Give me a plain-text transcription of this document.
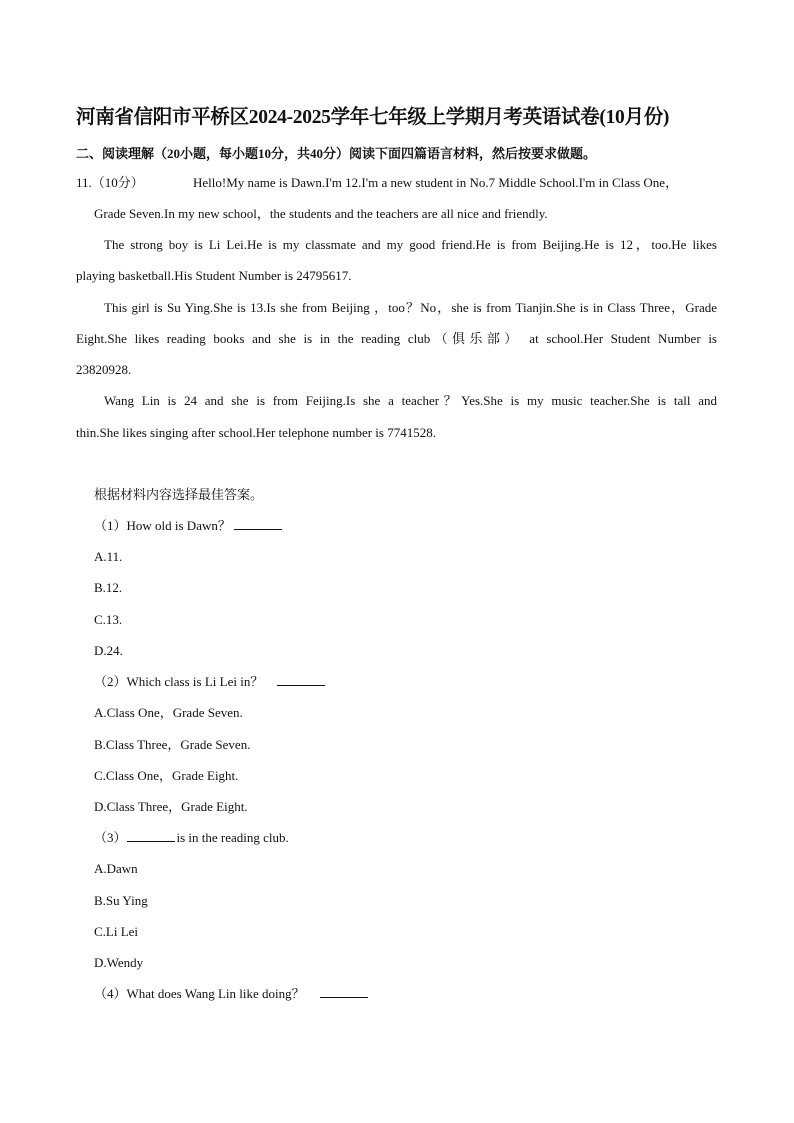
河南省信阳市平桥区2024-2025学年七年级上学期月考英语试卷(10月份)
二、阅读理解（20小题，每小题10分，共40分）阅读下面四篇语言材料，然后按要求做题。
11.（10分）	Hello!My name is Dawn.I'm 12.I'm a new student in No.7 Middle School.I'm in Class One，
Grade Seven.In my new school，the students and the teachers are all nice and friendly.
The strong boy is Li Lei.He is my classmate and my good friend.He is from Beijing.He is 12，too.He likes
playing basketball.His Student Number is 24795617.
This girl is Su Ying.She is 13.Is she from Beijing ，too？No，she is from Tianjin.She is in Class Three，Grade
Eight.She likes reading books and she is in the reading club（俱乐部） at school.Her Student Number is
23820928.
Wang Lin is 24 and she is from Feijing.Is she a teacher？Yes.She is my music teacher.She is tall and
thin.She likes singing after school.Her telephone number is 7741528.
根据材料内容选择最佳答案。
（1）How old is Dawn？
A.11.
B.12.
C.13.
D.24.
（2）Which class is Li Lei in？
A.Class One，Grade Seven.
B.Class Three，Grade Seven.
C.Class One，Grade Eight.
D.Class Three，Grade Eight.
（3）	is in the reading club.
A.Dawn
B.Su Ying
C.Li Lei
D.Wendy
（4）What does Wang Lin like doing？
